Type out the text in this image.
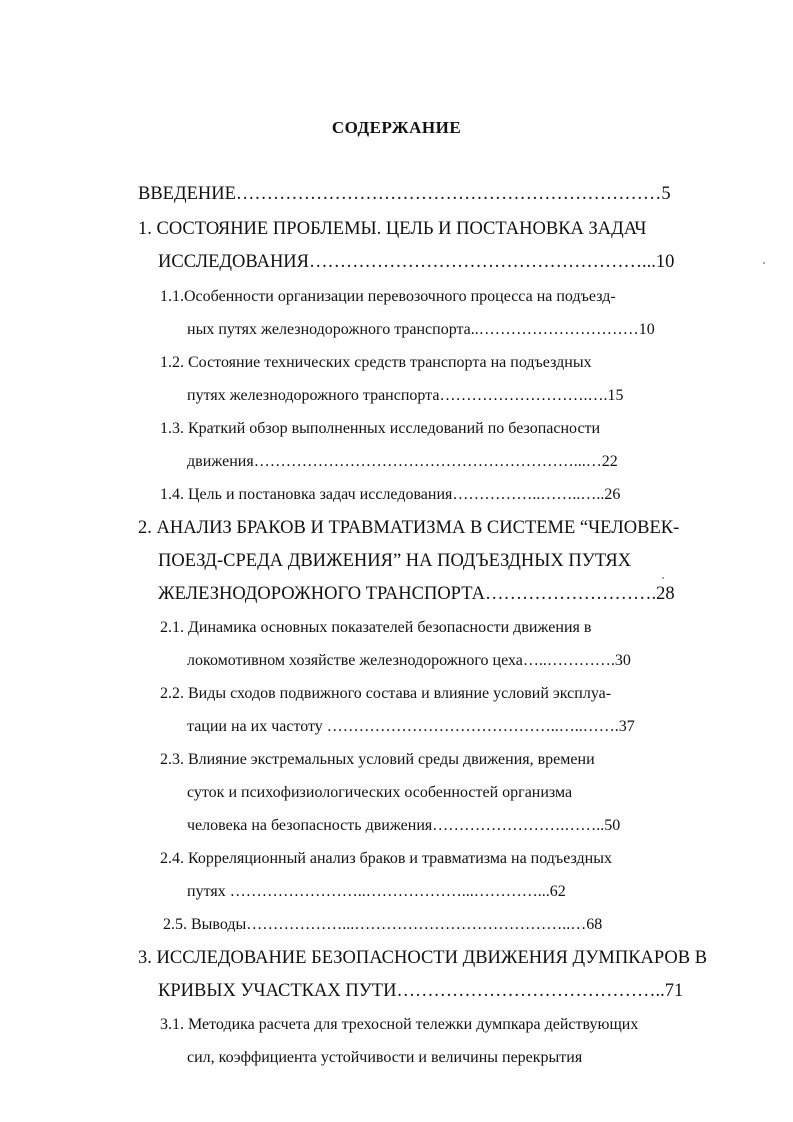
СОДЕРЖАНИЕ
ВВЕДЕНИЕ……………………………………………………………5
1. СОСТОЯНИЕ ПРОБЛЕМЫ. ЦЕЛЬ И ПОСТАНОВКА ЗАДАЧ
ИССЛЕДОВАНИЯ………………………………………………...10
1.1.Особенности организации перевозочного процесса на подъезд-
ных путях железнодорожного транспорта..…………………………10
1.2. Состояние технических средств транспорта на подъездных
путях железнодорожного транспорта……………………….….15
1.3. Краткий обзор выполненных исследований по безопасности
движения……………………………………………………...…22
1.4. Цель и постановка задач исследования……………..……..…..26
2. АНАЛИЗ БРАКОВ И ТРАВМАТИЗМА В СИСТЕМЕ “ЧЕЛОВЕК-
ПОЕЗД-СРЕДА ДВИЖЕНИЯ” НА ПОДЪЕЗДНЫХ ПУТЯХ
ЖЕЛЕЗНОДОРОЖНОГО ТРАНСПОРТА……………………….28
2.1. Динамика основных показателей безопасности движения в
локомотивном хозяйстве железнодорожного цеха…..………….30
2.2. Виды сходов подвижного состава и влияние условий эксплуа-
тации на их частоту ……………………………………..…..…….37
2.3. Влияние экстремальных условий среды движения, времени
суток и психофизиологических особенностей организма
человека на безопасность движения…………………….……..50
2.4. Корреляционный анализ браков и травматизма на подъездных
путях ……………………..………………...…………...62
2.5. Выводы………………...…………………………………..…68
3. ИССЛЕДОВАНИЕ БЕЗОПАСНОСТИ ДВИЖЕНИЯ ДУМПКАРОВ В
КРИВЫХ УЧАСТКАХ ПУТИ……………………………………..71
3.1. Методика расчета для трехосной тележки думпкара действующих
сил, коэффициента устойчивости и величины перекрытия
